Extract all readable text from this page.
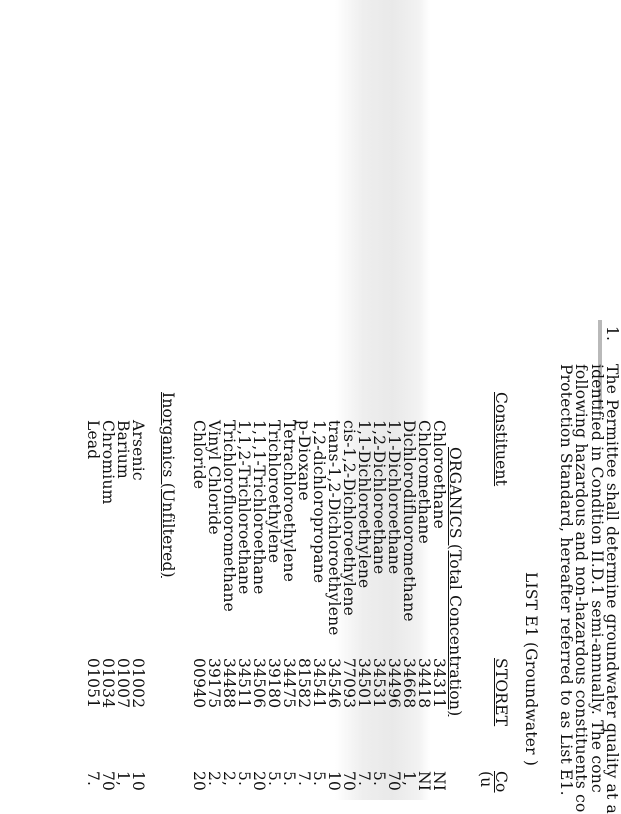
1.
The Permittee shall determine groundwater quality at a
identified in Condition II.D.1 semi-annually. The conc
following hazardous and non-hazardous constituents co
Protection Standard, hereafter referred to as List E1.
LIST E1 (Groundwater )
Constituent
STORET
Co
(u
ORGANICS (Total Concentration)
Chloroethane
34311
NI
Chloromethane
34418
NI
Dichlorodifluoromethane
34668
1,
1,1-Dichloroethane
34496
70
1,2-Dichloroethane
34531
5.
1,1-Dichloroethylene
34501
7.
cis-1,2-Dichloroethylene
77093
70
trans-1,2-Dichloroethylene
34546
10
1,2-dichloropropane
34541
5.
p-Dioxane
81582
7.
Tetrachloroethylene
34475
5.
Trichloroethylene
39180
5.
1,1,1-Trichloroethane
34506
20
1,1,2-Trichloroethane
34511
5.
Trichlorofluoromethane
34488
2,
Vinyl Chloride
39175
2.
Chloride
00940
20
Inorganics (Unfiltered)
Arsenic
01002
10
Barium
01007
1,
Chromium
01034
70
Lead
01051
7.
